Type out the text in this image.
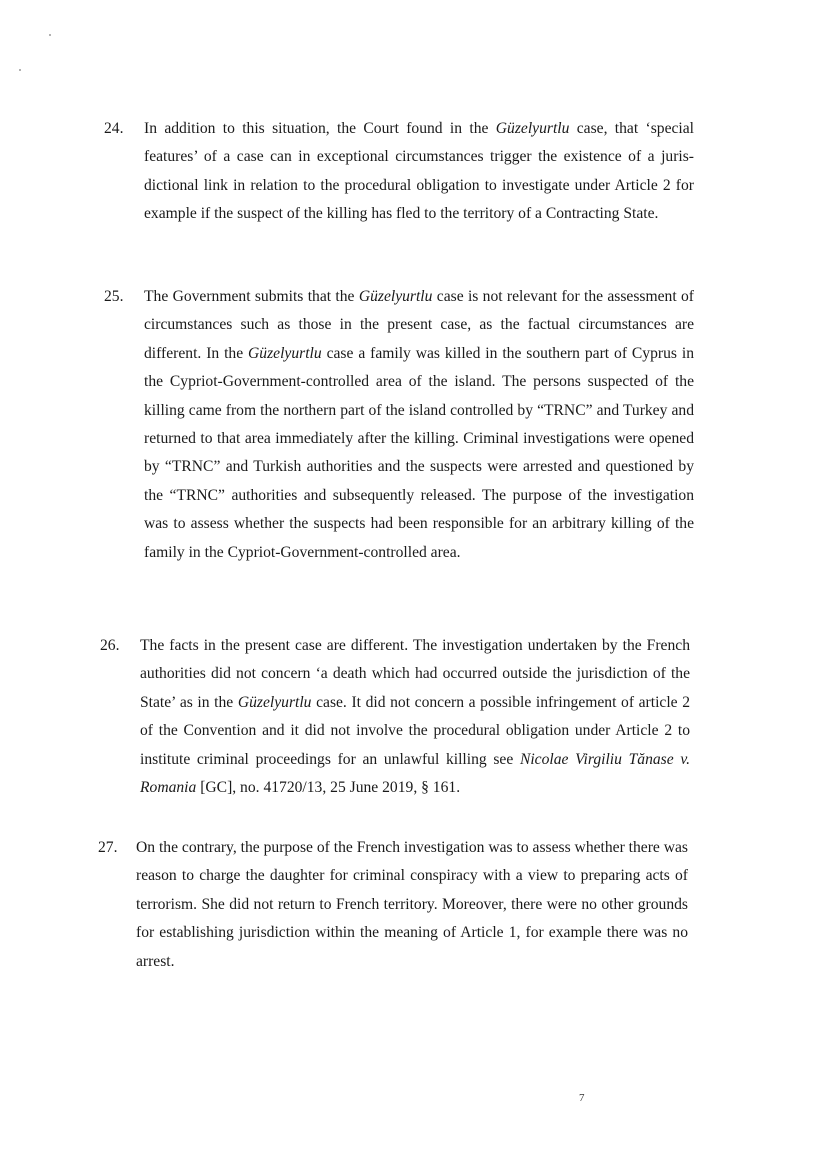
24.	In addition to this situation, the Court found in the Güzelyurtlu case, that ‘special features’ of a case can in exceptional circumstances trigger the existence of a jurisdictional link in relation to the procedural obligation to investigate under Article 2 for example if the suspect of the killing has fled to the territory of a Contracting State.
25.	The Government submits that the Güzelyurtlu case is not relevant for the assessment of circumstances such as those in the present case, as the factual circumstances are different. In the Güzelyurtlu case a family was killed in the southern part of Cyprus in the Cypriot-Government-controlled area of the island. The persons suspected of the killing came from the northern part of the island controlled by “TRNC” and Turkey and returned to that area immediately after the killing. Criminal investigations were opened by “TRNC” and Turkish authorities and the suspects were arrested and questioned by the “TRNC” authorities and subsequently released. The purpose of the investigation was to assess whether the suspects had been responsible for an arbitrary killing of the family in the Cypriot-Government-controlled area.
26.	The facts in the present case are different. The investigation undertaken by the French authorities did not concern ‘a death which had occurred outside the jurisdiction of the State’ as in the Güzelyurtlu case. It did not concern a possible infringement of article 2 of the Convention and it did not involve the procedural obligation under Article 2 to institute criminal proceedings for an unlawful killing see Nicolae Virgiliu Tănase v. Romania [GC], no. 41720/13, 25 June 2019, § 161.
27.	On the contrary, the purpose of the French investigation was to assess whether there was reason to charge the daughter for criminal conspiracy with a view to preparing acts of terrorism. She did not return to French territory. Moreover, there were no other grounds for establishing jurisdiction within the meaning of Article 1, for example there was no arrest.
7
